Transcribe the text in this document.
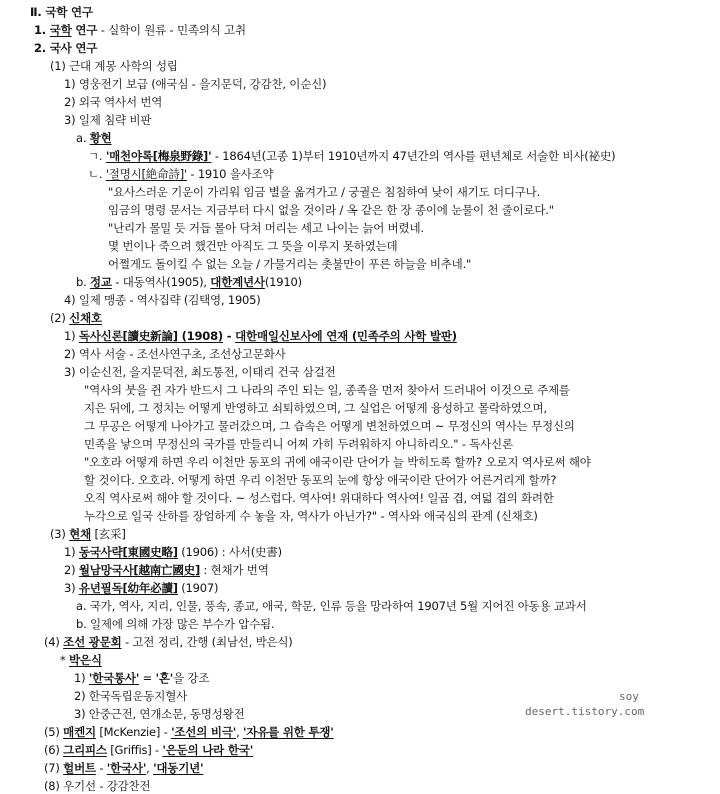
Ⅱ. 국학 연구
1. 국학 연구 - 실학이 원류 - 민족의식 고취
2. 국사 연구
(1) 근대 계몽 사학의 성립
1) 영웅전기 보급 (애국심 - 을지문덕, 강감찬, 이순신)
2) 외국 역사서 번역
3) 일제 침략 비판
a. 황현
ㄱ. '매천야록[梅泉野錄]' - 1864년(고종 1)부터 1910년까지 47년간의 역사를 편년체로 서술한 비사(祕史)
ㄴ. '절명시[絶命詩]' - 1910 을사조약
"요사스러운 기운이 가리워 임금 별을 옮겨가고 / 궁궐은 침침하여 낮이 새기도 더디구나.
임금의 명령 문서는 지금부터 다시 없을 것이라 / 옥 같은 한 장 종이에 눈물이 천 줄이로다."
"난리가 몰밀 듯 거듭 몰아 닥쳐 머리는 세고 나이는 늙어 버렸네.
몇 번이나 죽으려 했건만 아직도 그 뜻을 이루지 못하였는데
어쩔게도 돌이킬 수 없는 오늘 / 가물거리는 촛불만이 푸른 하늘을 비추네."
b. 정교 - 대동역사(1905), 대한계년사(1910)
4) 일제 맹종 - 역사집략 (김택영, 1905)
(2) 신채호
1) 독사신론[讀史新論] (1908) - 대한매일신보사에 연재 (민족주의 사학 발판)
2) 역사 서술 - 조선사연구초, 조선상고문화사
3) 이순신전, 을지문덕전, 최도통전, 이태리 건국 삼걸전
"역사의 붓을 쥔 자가 반드시 그 나라의 주인 되는 일, 종족을 먼저 찾아서 드러내어 이것으로 주제를
지은 뒤에, 그 정치는 어떻게 반영하고 쇠퇴하였으며, 그 실업은 어떻게 융성하고 몰락하였으며,
그 무공은 어떻게 나아가고 물러갔으며, 그 습속은 어떻게 변천하였으며 ~ 무정신의 역사는 무정신의
민족을 낳으며 무정신의 국가를 만들리니 어찌 가히 두려워하지 아니하리오." - 독사신론
"오호라 어떻게 하면 우리 이천만 동포의 귀에 애국이란 단어가 늘 박히도록 할까? 오로지 역사로써 해야
할 것이다. 오호라. 어떻게 하면 우리 이천만 동포의 눈에 항상 애국이란 단어가 어른거리게 할까?
오직 역사로써 해야 할 것이다. ~ 성스럽다. 역사여! 위대하다 역사여! 일곱 겹, 여덟 겹의 화려한
누각으로 일국 산하를 장엄하게 수 놓을 자, 역사가 아닌가?" - 역사와 애국심의 관계 (신채호)
(3) 현채 [玄采]
1) 동국사략[東國史略] (1906) : 사서(史書)
2) 월남망국사[越南亡國史] : 현채가 번역
3) 유년필독[幼年必讀] (1907)
a. 국가, 역사, 지리, 인물, 풍속, 종교, 애국, 학문, 인류 등을 망라하여 1907년 5월 지어진 아동용 교과서
b. 일제에 의해 가장 많은 부수가 압수됨.
(4) 조선 광문회 - 고전 정리, 간행 (최남선, 박은식)
* 박은식
1) '한국통사' = '혼'을 강조
2) 한국독립운동지혈사
3) 안중근전, 연개소문, 동명성왕전
(5) 매켄지 [McKenzie] - '조선의 비극', '자유를 위한 투쟁'
(6) 그리피스 [Griffis] - '은둔의 나라 한국'
(7) 헐버트 - '한국사', '대동기년'
(8) 우기선 - 강감찬전
soy
desert.tistory.com
